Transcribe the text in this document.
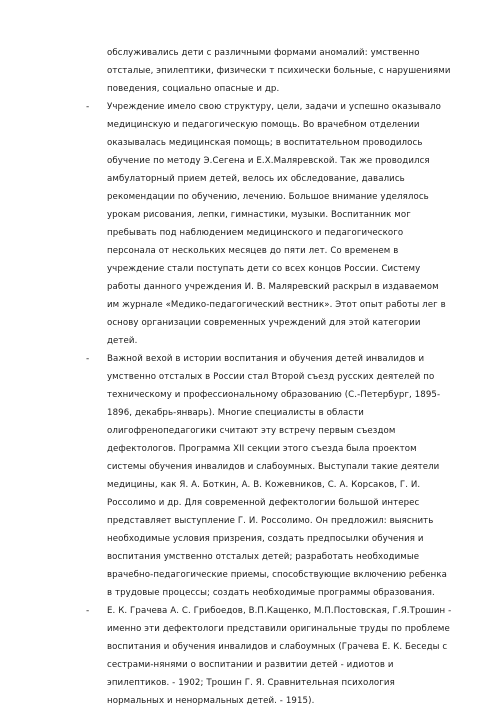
обслуживались дети с различными формами аномалий: умственно
отсталые, эпилептики, физически т психически больные, с нарушениями
поведения, социально опасные и др.
- Учреждение имело свою структуру, цели, задачи и успешно оказывало
медицинскую и педагогическую помощь. Во врачебном отделении
оказывалась медицинская помощь; в воспитательном проводилось
обучение по методу Э.Сегена и Е.Х.Маляревской. Так же проводился
амбулаторный прием детей, велось их обследование, давались
рекомендации по обучению, лечению. Большое внимание уделялось
урокам рисования, лепки, гимнастики, музыки. Воспитанник мог
пребывать под наблюдением медицинского и педагогического
персонала от нескольких месяцев до пяти лет. Со временем в
учреждение стали поступать дети со всех концов России. Систему
работы данного учреждения И. В. Маляревский раскрыл в издаваемом
им журнале «Медико-педагогический вестник». Этот опыт работы лег в
основу организации современных учреждений для этой категории
детей.
- Важной вехой в истории воспитания и обучения детей инвалидов и
умственно отсталых в России стал Второй съезд русских деятелей по
техническому и профессиональному образованию (С.-Петербург, 1895-
1896, декабрь-январь). Многие специалисты в области
олигофренопедагогики считают эту встречу первым съездом
дефектологов. Программа XII секции этого съезда была проектом
системы обучения инвалидов и слабоумных. Выступали такие деятели
медицины, как Я. А. Боткин, А. В. Кожевников, С. А. Корсаков, Г. И.
Россолимо и др. Для современной дефектологии большой интерес
представляет выступление Г. И. Россолимо. Он предложил: выяснить
необходимые условия призрения, создать предпосылки обучения и
воспитания умственно отсталых детей; разработать необходимые
врачебно-педагогические приемы, способствующие включению ребенка
в трудовые процессы; создать необходимые программы образования.
- Е. К. Грачева А. С. Грибоедов, В.П.Кащенко, М.П.Постовская, Г.Я.Трошин -
именно эти дефектологи представили оригинальные труды по проблеме
воспитания и обучения инвалидов и слабоумных (Грачева Е. К. Беседы с
сестрами-нянями о воспитании и развитии детей - идиотов и
эпилептиков. - 1902; Трошин Г. Я. Сравнительная психология
нормальных и ненормальных детей. - 1915).
